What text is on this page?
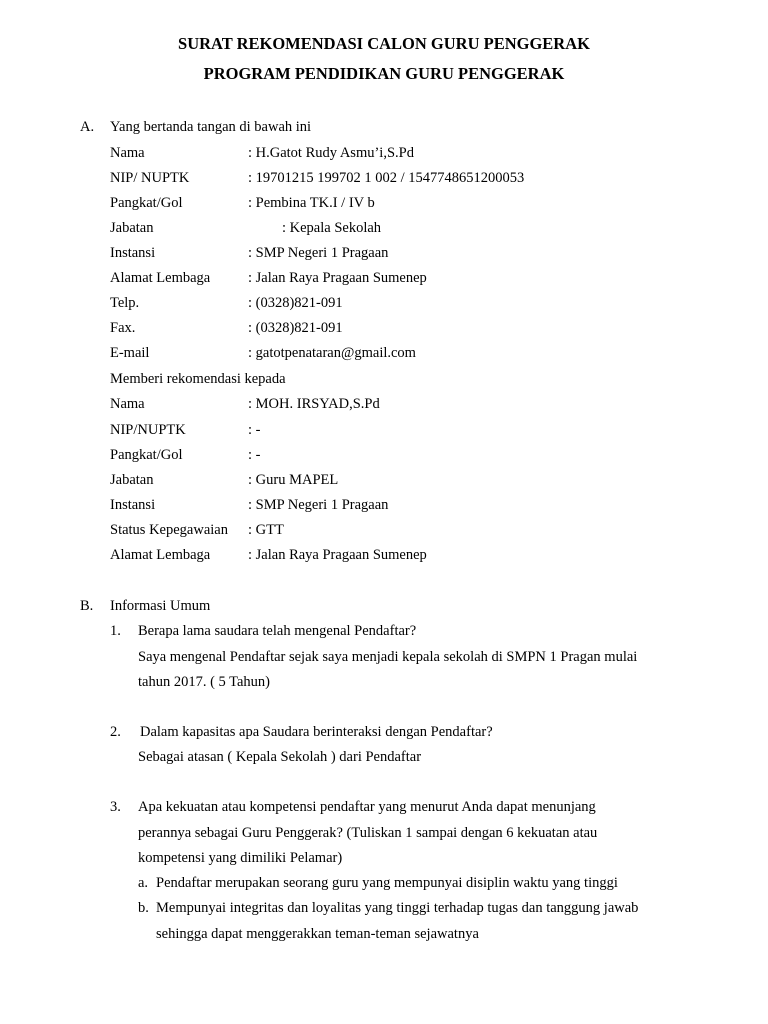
SURAT REKOMENDASI CALON GURU PENGGERAK
PROGRAM PENDIDIKAN GURU PENGGERAK
A. Yang bertanda tangan di bawah ini
Nama	: H.Gatot Rudy Asmu’i,S.Pd
NIP/ NUPTK	: 19701215 199702 1 002 / 1547748651200053
Pangkat/Gol	: Pembina TK.I / IV b
Jabatan	: Kepala Sekolah
Instansi	: SMP Negeri 1 Pragaan
Alamat Lembaga	: Jalan Raya Pragaan Sumenep
Telp.	: (0328)821-091
Fax.	: (0328)821-091
E-mail	: gatotpenataran@gmail.com
Memberi rekomendasi kepada
Nama	: MOH. IRSYAD,S.Pd
NIP/NUPTK	: -
Pangkat/Gol	: -
Jabatan	: Guru MAPEL
Instansi	: SMP Negeri 1 Pragaan
Status Kepegawaian : GTT
Alamat Lembaga	: Jalan Raya Pragaan Sumenep
B. Informasi Umum
1. Berapa lama saudara telah mengenal Pendaftar?
Saya mengenal Pendaftar sejak saya menjadi kepala sekolah di SMPN 1 Pragan mulai
tahun 2017. ( 5 Tahun)
2. Dalam kapasitas apa Saudara berinteraksi dengan Pendaftar?
Sebagai atasan ( Kepala Sekolah ) dari Pendaftar
3. Apa kekuatan atau kompetensi pendaftar yang menurut Anda dapat menunjang
perannya sebagai Guru Penggerak? (Tuliskan 1 sampai dengan 6 kekuatan atau
kompetensi yang dimiliki Pelamar)
a. Pendaftar merupakan seorang guru yang mempunyai disiplin waktu yang tinggi
b. Mempunyai integritas dan loyalitas yang tinggi terhadap tugas dan tanggung jawab
sehingga dapat menggerakkan teman-teman sejawatnya
